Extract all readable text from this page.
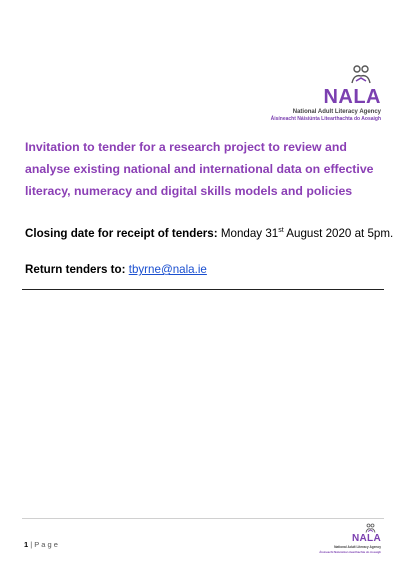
NALA
National Adult Literacy Agency
Áisíneacht Náisiúnta Litearthachta do Aosaigh
Invitation to tender for a research project to review and analyse existing national and international data on effective literacy, numeracy and digital skills models and policies
Closing date for receipt of tenders: Monday 31st August 2020 at 5pm.
Return tenders to: tbyrne@nala.ie
1 | P a g e
NALA
National Adult Literacy Agency
Áisíneacht Náisiúnta Litearthachta do Aosaigh
